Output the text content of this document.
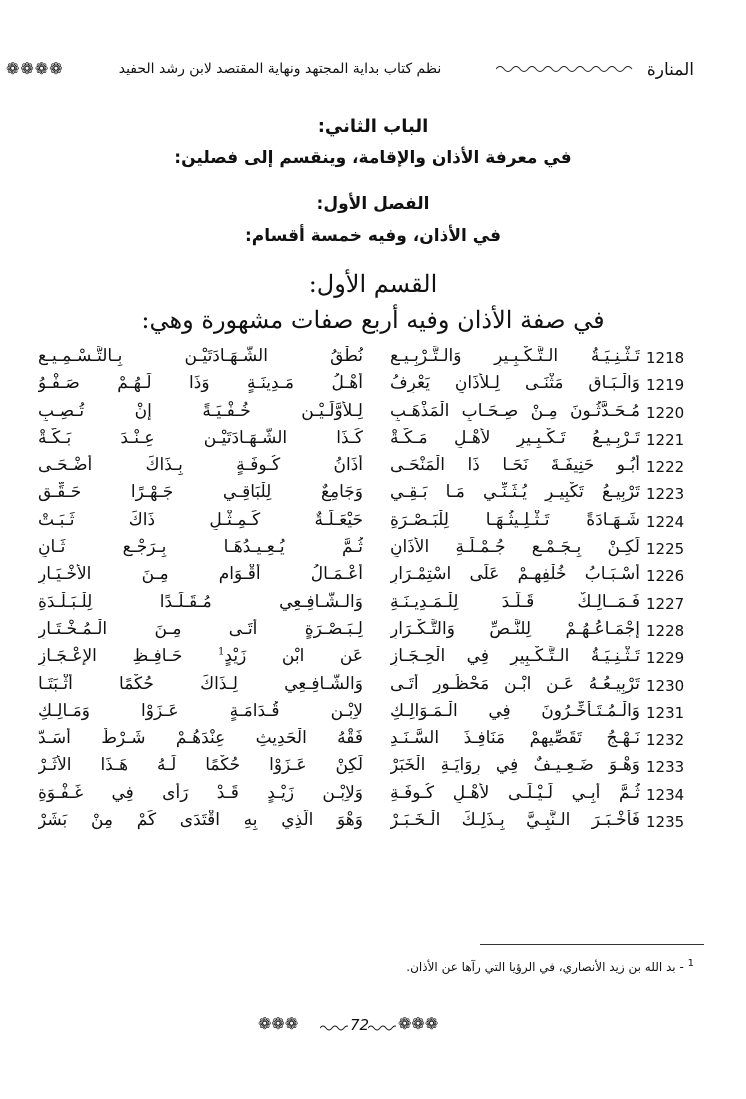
المنارة
نظم كتاب بداية المجتهد ونهاية المقتصد لابن رشد الحفيد
❁❁❁❁
الباب الثاني:
في معرفة الأذان والإقامة، وينقسم إلى فصلين:
الفصل الأول:
في الأذان، وفيه خمسة أقسام:
القسم الأول:
في صفة الأذان وفيه أربع صفات مشهورة وهي:
1218
تَـثْـنِـيَـةُ الـتَّـكْـبِـيرِ وَالـتَّـرْبِـيـعِ
نُطْقُ الشَّـهَـادَتَيْـنِ بِـالتَّـسْـمِـيـعِ
1219
وَالْـبَـاقِ مَثْنَـى لِـلأَذَانِ يَعْرِفُ
أَهْـلُ مَـدِينَـةٍ وَذَا لَـهُـمْ صَـفْـوُ
1220
مُـحَـدَّثُـونَ مِـنْ صِـحَـابِ الْمَذْهَـبِ
لِـلأَوَّلَـيْـنِ خُـفْـيَـةً إِنْ تُـصِـبِ
1221
تَـرْبِـيـعُ تَـكْـبِـيرٍ لأَهْـلِ مَـكَّـةْ
كَـذَا الشَّـهَـادَتَيْـنِ عِـنْـدَ بَـكَّـةْ
1222
أَبُـو حَنِيفَـةَ نَحَـا ذَا الْمَنْحَـى
أَذَانُ كُـوفَـةٍ بِـذَاكَ أَضْـحَـى
1223
تَرْبِيـعُ تَكْبِيـرٍ يُـثَـنِّـي مَـا بَـقِـي
وَجَامِعٌ لِلْبَاقِـي جَـهْـرًا حَـقِّـقِ
1224
شَـهَـادَةً تَـثْـلِـيثُـهَـا لِلْبَـصْـرَةِ
حَيْعَـلَـةٌ كَـمِـثْـلِ ذَاكَ ثَـبَـتْ
1225
لَكِـنْ بِـجَـمْـعِ جُـمْـلَـةِ الأَذَانِ
ثُـمَّ يُـعِـيـدُهَـا بِـرَجْـعٍ ثَـانِ
1226
أَسْـبَـابُ خُلْفِهِـمْ عَلَى اسْتِمْـرَارِ
أَعْـمَـالُ أَقْـوَامٍ مِـنَ الأَخْـيَـارِ
1227
فَـمَــالِـكٌ قَـلَّـدَ لِلْـمَـدِيـنَـةِ
وَالـشَّـافِـعِي مُـقَـلِّـدًا لِلْـبَـلْـدَةِ
1228
إِجْمَـاعُـهُـمْ لِلنَّـصِّ وَالتَّـكْـرَارِ
لِـبَـصْـرَةٍ أَتَـى مِـنَ الْـمُـخْـتَـارِ
1229
تَـثْـنِـيَـةُ الـتَّـكْـبِيرِ فِي الْحِـجَـازِ
عَنِ ابْنِ زَيْدٍ$^1$ حَـافِـظِ الإِعْـجَـازِ
1230
تَرْبِيـعُـهُ عَـنِ ابْـنِ مَحْظُـورٍ أَتَـى
وَالشَّـافِـعِي لِـذَاكَ حُكْمًا أَثْـبَتَـا
1231
وَالْـمُـتَـأَخِّـرُونَ فِي الْـمَـوَالِـكِ
لاِبْـنِ قُـدَامَـةٍ عَـزَوْا وَمَـالِـكِ
1232
نَـهْـجُ تَقَصِّيهِمْ مَنَافِـذَ السَّـنَـدِ
فَقْهُ الْحَدِيثِ عِنْدَهُـمْ شَـرْطٌ أَسَـدّ
1233
وَهْـوَ ضَـعِـيـفٌ فِي رِوَايَـةِ الْخَبَرْ
لَكِنْ عَـزَوْا حُكْمًا لَـهُ هَـذَا الأَثَـرْ
1234
ثُـمَّ أَبِـي لَـيْـلَـى لأَهْـلِ كُـوفَـةِ
وَلاِبْـنِ زَيْـدٍ قَـدْ رَأَى فِي غَـفْـوَةِ
1235
فَأَخْـبَـرَ الـنَّبِـيَّ بِـذَلِـكَ الْـخَـبَـرْ
وَهْوَ الَّذِي بِهِ اقْتَدَى كَمْ مِنْ بَشَرْ
$^1$ - بد الله بن زيد الأنصاري، في الرؤيا التي رآها عن الأذان.
❁❁❁	72 ❁❁❁
